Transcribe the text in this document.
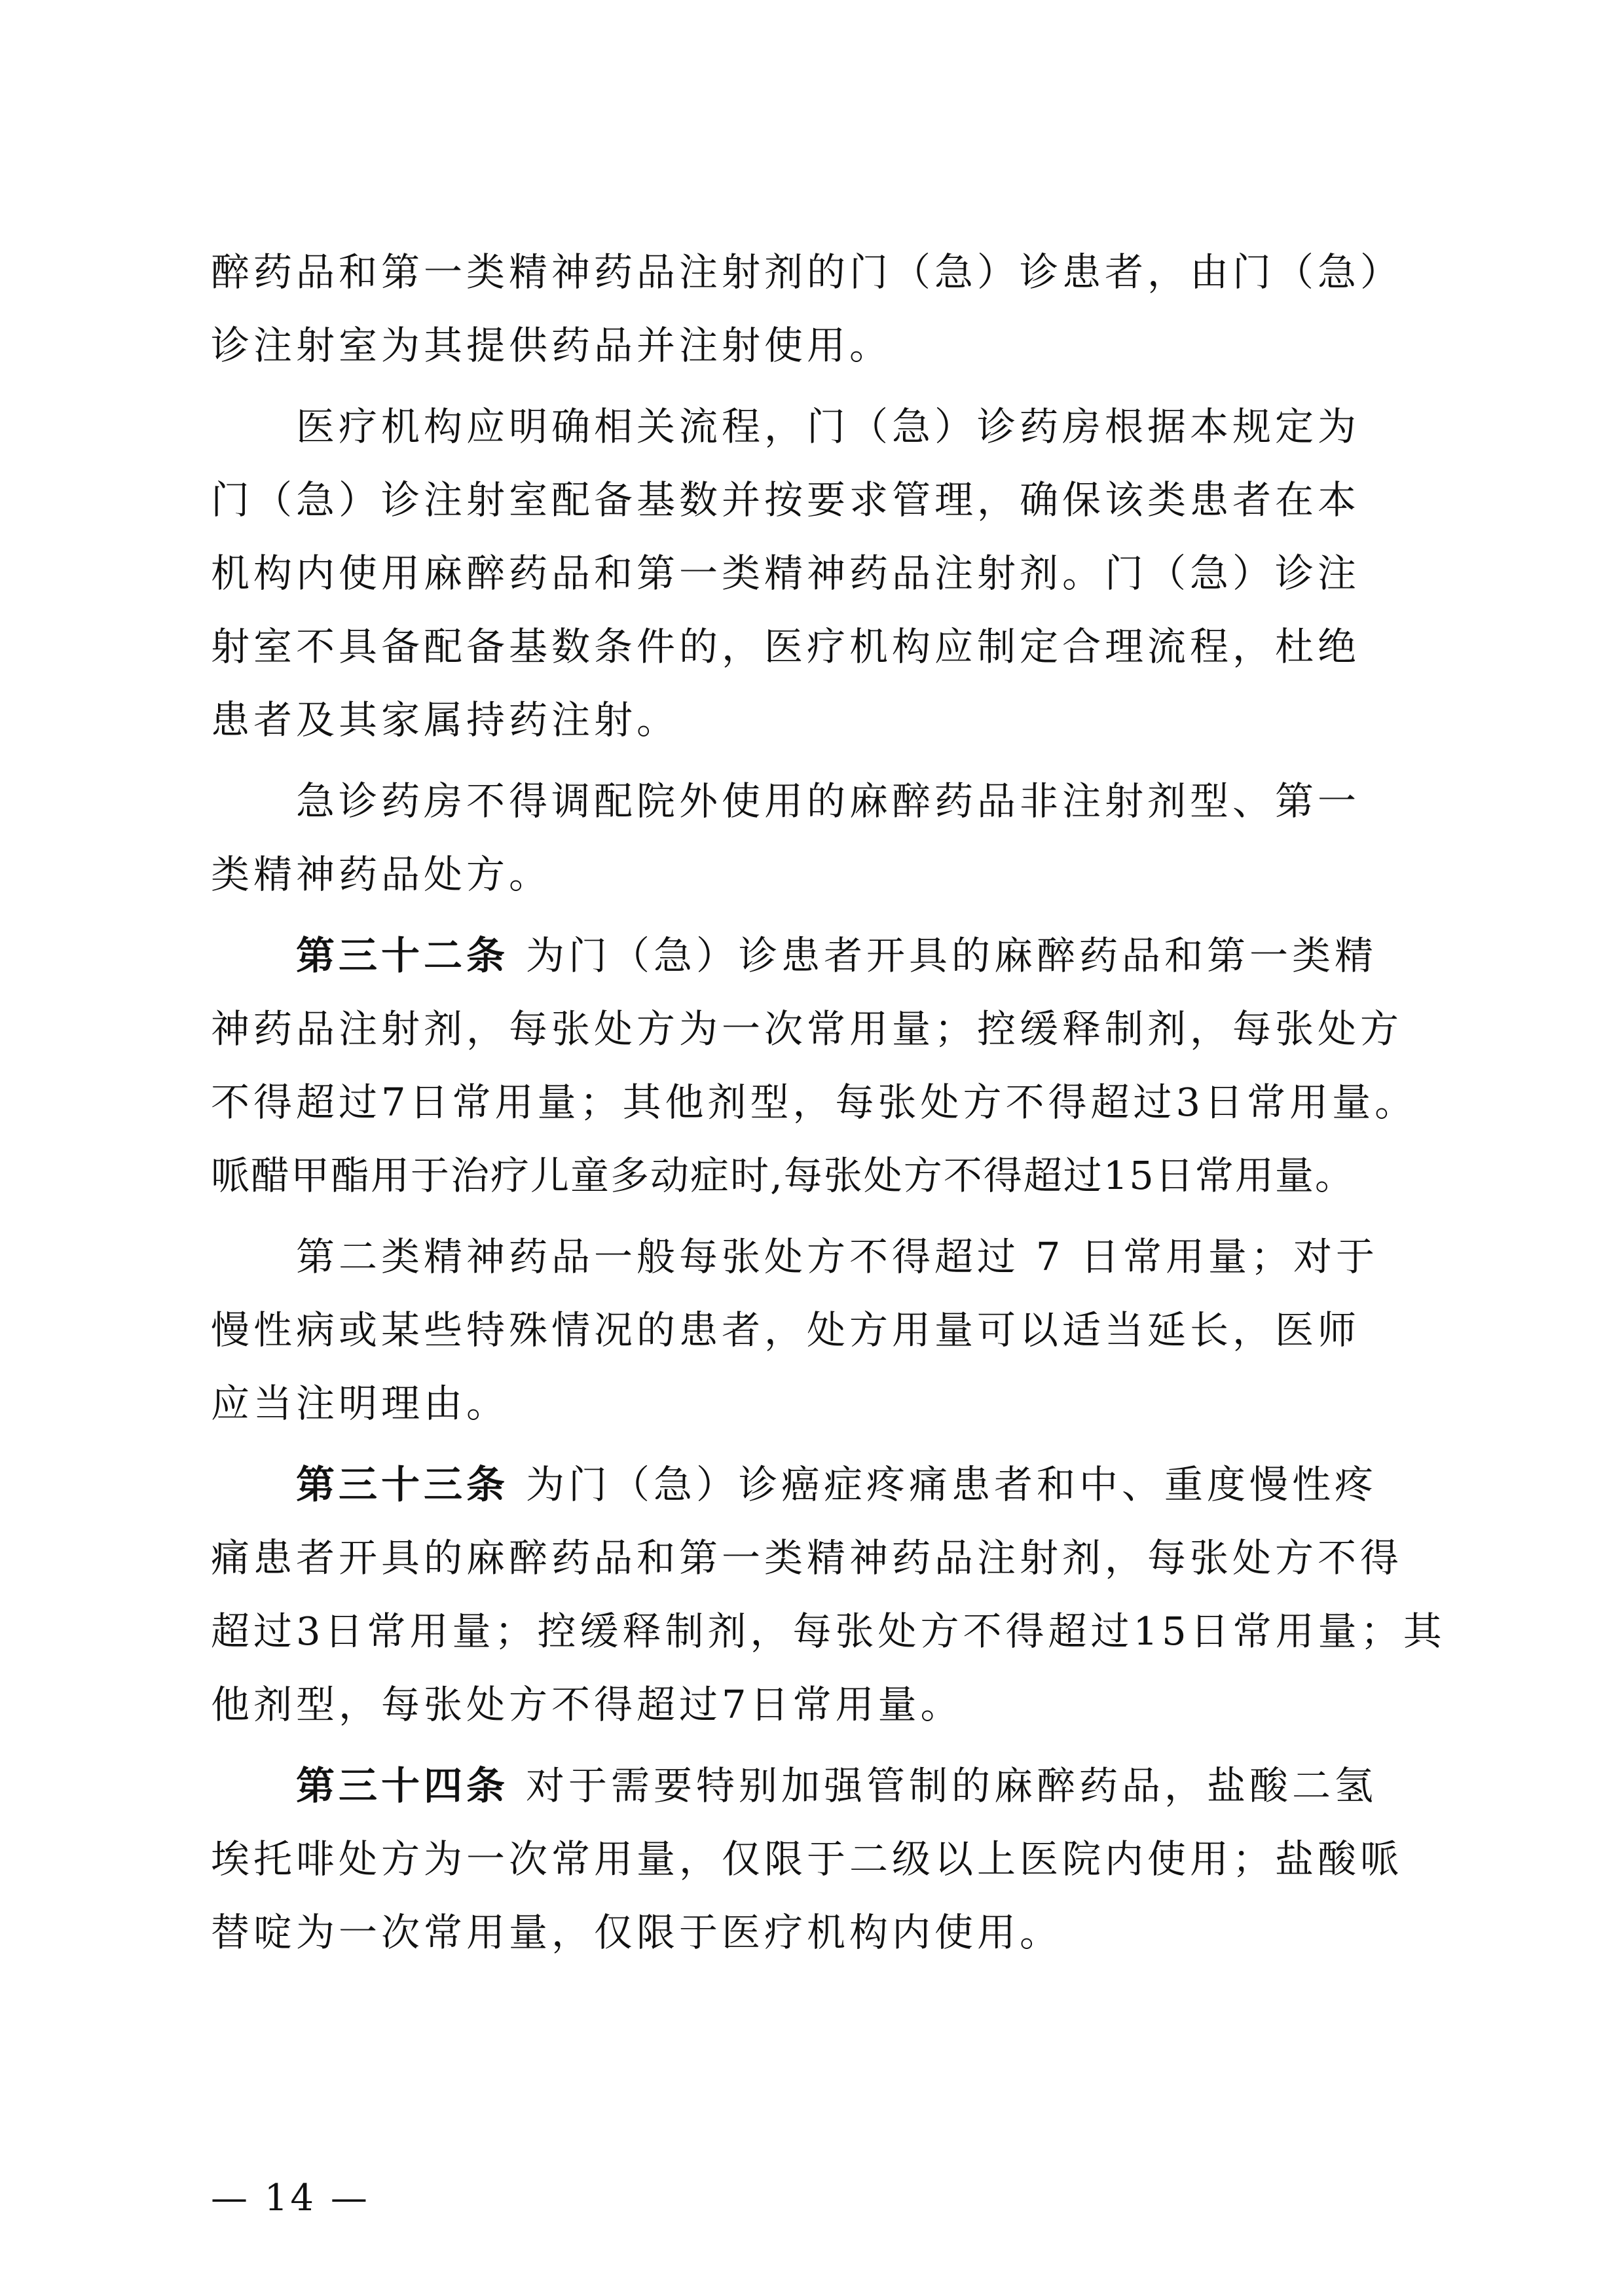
醉药品和第一类精神药品注射剂的门（急）诊患者，由门（急）
诊注射室为其提供药品并注射使用。
医疗机构应明确相关流程，门（急）诊药房根据本规定为
门（急）诊注射室配备基数并按要求管理，确保该类患者在本
机构内使用麻醉药品和第一类精神药品注射剂。门（急）诊注
射室不具备配备基数条件的，医疗机构应制定合理流程，杜绝
患者及其家属持药注射。
急诊药房不得调配院外使用的麻醉药品非注射剂型、第一
类精神药品处方。
第三十二条 为门（急）诊患者开具的麻醉药品和第一类精
神药品注射剂，每张处方为一次常用量；控缓释制剂，每张处方
不得超过7日常用量；其他剂型，每张处方不得超过3日常用量。
哌醋甲酯用于治疗儿童多动症时,每张处方不得超过15日常用量。
第二类精神药品一般每张处方不得超过 7 日常用量；对于
慢性病或某些特殊情况的患者，处方用量可以适当延长，医师
应当注明理由。
第三十三条 为门（急）诊癌症疼痛患者和中、重度慢性疼
痛患者开具的麻醉药品和第一类精神药品注射剂，每张处方不得
超过3日常用量；控缓释制剂，每张处方不得超过15日常用量；其
他剂型，每张处方不得超过7日常用量。
第三十四条 对于需要特别加强管制的麻醉药品，盐酸二氢
埃托啡处方为一次常用量，仅限于二级以上医院内使用；盐酸哌
替啶为一次常用量，仅限于医疗机构内使用。
— 14 —
